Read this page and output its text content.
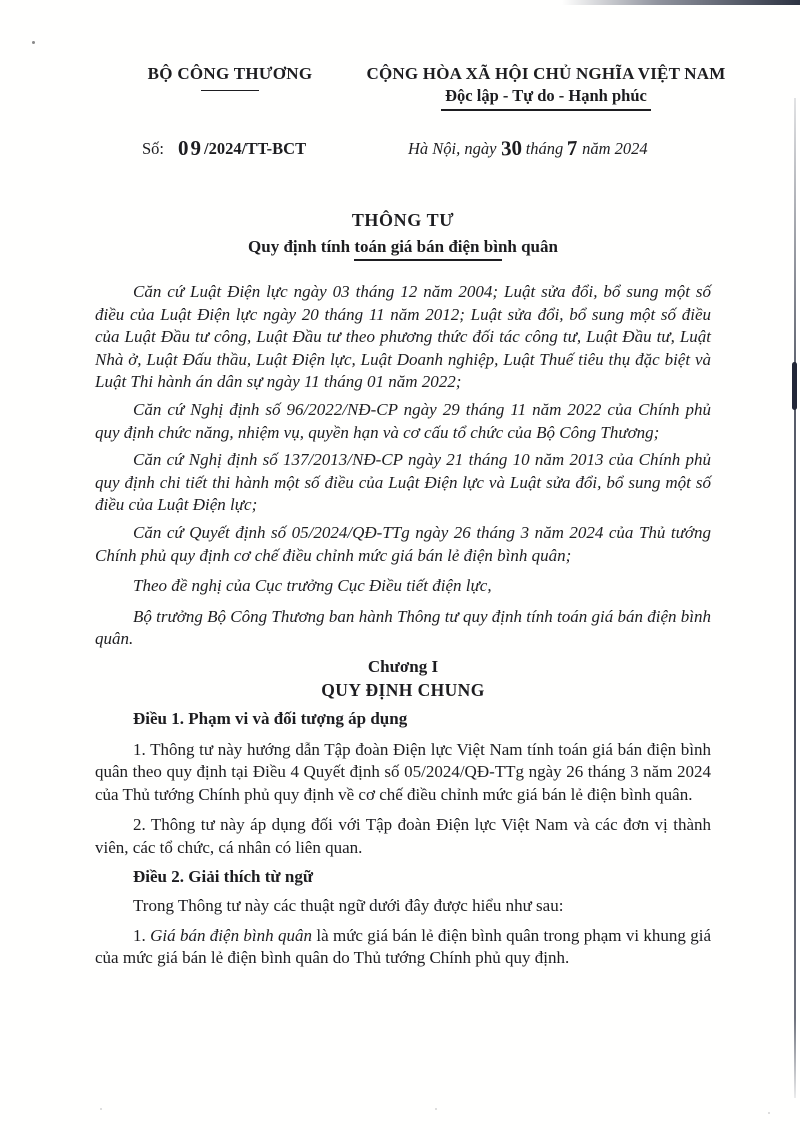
BỘ CÔNG THƯƠNG	CỘNG HÒA XÃ HỘI CHỦ NGHĨA VIỆT NAM
Độc lập - Tự do - Hạnh phúc
Số: 09/2024/TT-BCT	Hà Nội, ngày 30 tháng 7 năm 2024
THÔNG TƯ
Quy định tính toán giá bán điện bình quân

Căn cứ Luật Điện lực ngày 03 tháng 12 năm 2004; Luật sửa đổi, bổ sung một số điều của Luật Điện lực ngày 20 tháng 11 năm 2012; Luật sửa đổi, bổ sung một số điều của Luật Đầu tư công, Luật Đầu tư theo phương thức đối tác công tư, Luật Đầu tư, Luật Nhà ở, Luật Đấu thầu, Luật Điện lực, Luật Doanh nghiệp, Luật Thuế tiêu thụ đặc biệt và Luật Thi hành án dân sự ngày 11 tháng 01 năm 2022;

Căn cứ Nghị định số 96/2022/NĐ-CP ngày 29 tháng 11 năm 2022 của Chính phủ quy định chức năng, nhiệm vụ, quyền hạn và cơ cấu tổ chức của Bộ Công Thương;

Căn cứ Nghị định số 137/2013/NĐ-CP ngày 21 tháng 10 năm 2013 của Chính phủ quy định chi tiết thi hành một số điều của Luật Điện lực và Luật sửa đổi, bổ sung một số điều của Luật Điện lực;

Căn cứ Quyết định số 05/2024/QĐ-TTg ngày 26 tháng 3 năm 2024 của Thủ tướng Chính phủ quy định cơ chế điều chỉnh mức giá bán lẻ điện bình quân;

Theo đề nghị của Cục trưởng Cục Điều tiết điện lực,

Bộ trưởng Bộ Công Thương ban hành Thông tư quy định tính toán giá bán điện bình quân.

Chương I
QUY ĐỊNH CHUNG

Điều 1. Phạm vi và đối tượng áp dụng

1. Thông tư này hướng dẫn Tập đoàn Điện lực Việt Nam tính toán giá bán điện bình quân theo quy định tại Điều 4 Quyết định số 05/2024/QĐ-TTg ngày 26 tháng 3 năm 2024 của Thủ tướng Chính phủ quy định về cơ chế điều chỉnh mức giá bán lẻ điện bình quân.

2. Thông tư này áp dụng đối với Tập đoàn Điện lực Việt Nam và các đơn vị thành viên, các tổ chức, cá nhân có liên quan.

Điều 2. Giải thích từ ngữ

Trong Thông tư này các thuật ngữ dưới đây được hiểu như sau:

1. Giá bán điện bình quân là mức giá bán lẻ điện bình quân trong phạm vi khung giá của mức giá bán lẻ điện bình quân do Thủ tướng Chính phủ quy định.
